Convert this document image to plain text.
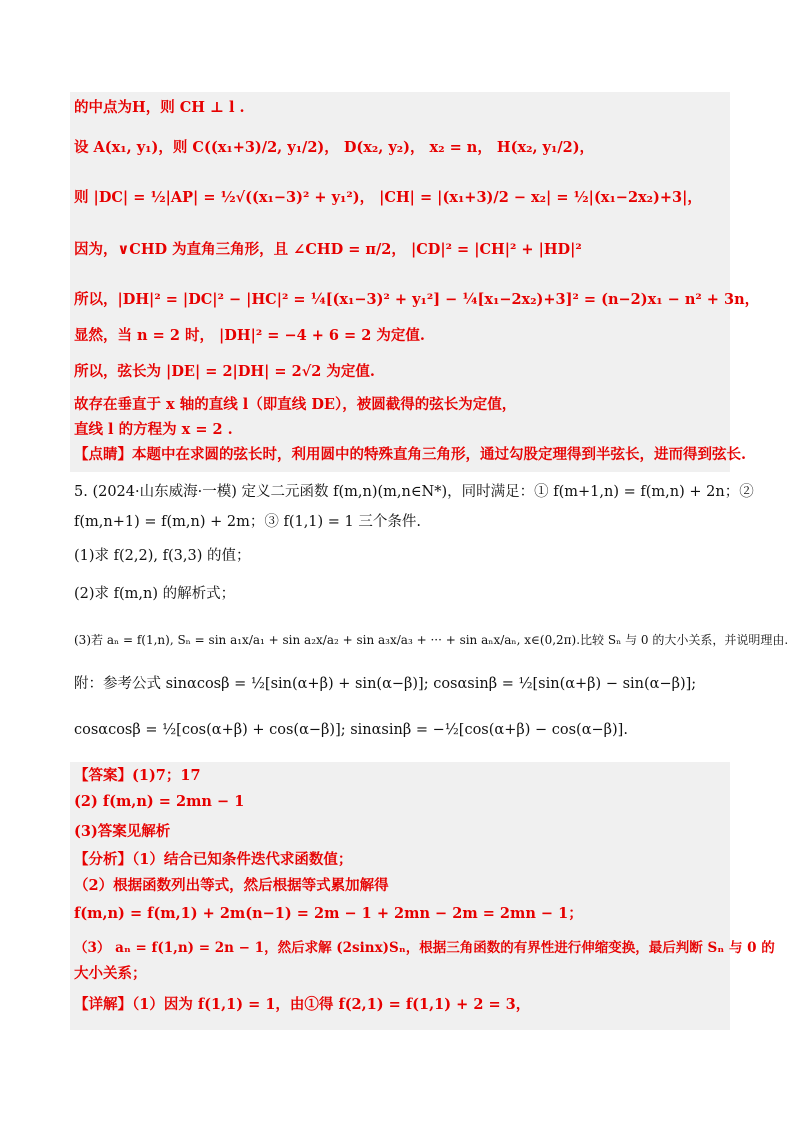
的中点为H，则 CH ⊥ l .
设 A(x₁, y₁)，则 C((x₁+3)/2, y₁/2)， D(x₂, y₂)， x₂ = n， H(x₂, y₁/2)，
则 |DC| = ½|AP| = ½√((x₁−3)² + y₁²)， |CH| = |(x₁+3)/2 − x₂| = ½|(x₁−2x₂)+3|，
因为，∨CHD 为直角三角形，且 ∠CHD = π/2， |CD|² = |CH|² + |HD|²
所以，|DH|² = |DC|² − |HC|² = ¼[(x₁−3)² + y₁²] − ¼[x₁−2x₂)+3]² = (n−2)x₁ − n² + 3n，
显然，当 n = 2 时， |DH|² = −4 + 6 = 2 为定值.
所以，弦长为 |DE| = 2|DH| = 2√2 为定值.
故存在垂直于 x 轴的直线 l（即直线 DE），被圆截得的弦长为定值，
直线 l 的方程为 x = 2 .
【点睛】本题中在求圆的弦长时，利用圆中的特殊直角三角形，通过勾股定理得到半弦长，进而得到弦长.
5. (2024·山东威海·一模) 定义二元函数 f(m,n)(m,n∈N*)，同时满足：① f(m+1,n) = f(m,n) + 2n；②
f(m,n+1) = f(m,n) + 2m；③ f(1,1) = 1 三个条件.
(1)求 f(2,2), f(3,3) 的值；
(2)求 f(m,n) 的解析式；
(3)若 aₙ = f(1,n), Sₙ = sin a₁x/a₁ + sin a₂x/a₂ + sin a₃x/a₃ + ··· + sin aₙx/aₙ, x∈(0,2π).比较 Sₙ 与 0 的大小关系，并说明理由.
附：参考公式 sinαcosβ = ½[sin(α+β) + sin(α−β)]; cosαsinβ = ½[sin(α+β) − sin(α−β)];
cosαcosβ = ½[cos(α+β) + cos(α−β)]; sinαsinβ = −½[cos(α+β) − cos(α−β)].
【答案】(1)7；17
(2) f(m,n) = 2mn − 1
(3)答案见解析
【分析】（1）结合已知条件迭代求函数值；
（2）根据函数列出等式，然后根据等式累加解得
f(m,n) = f(m,1) + 2m(n−1) = 2m − 1 + 2mn − 2m = 2mn − 1；
（3） aₙ = f(1,n) = 2n − 1，然后求解 (2sinx)Sₙ，根据三角函数的有界性进行伸缩变换，最后判断 Sₙ 与 0 的
大小关系；
【详解】（1）因为 f(1,1) = 1，由①得 f(2,1) = f(1,1) + 2 = 3，
